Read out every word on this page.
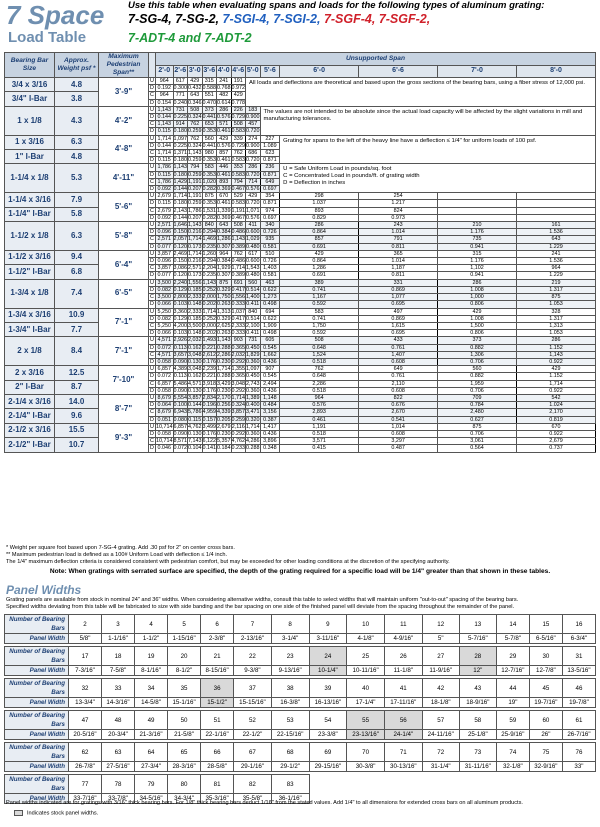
7 Space
Load Table
Use this table when evaluating spans and loads for the following types of aluminum grating:
7-SG-4, 7-SG-2, 7-SGI-4, 7-SGI-2, 7-SGF-4, 7-SGF-2,
7-ADT-4 and 7-ADT-2
Bearing Bar Size	Approx. Weight psf *	Maximum Pedestrian Span**		Unsupported Span											
				2'-0	2'-6	3'-0	3'-6	4'-0	4'-6	5'-0	5'-6	6'-0	6'-6	7'-0	8'-0
3/4 x 3/16	4.8	3'-9"	U	964	617	429	315	241	191	All loads and deflections are theoretical and based upon the gross sections of the bearing bars, using a fiber stress of 12,000 psi.					
			D	0.192	0.300	0.432	0.588	0.768	0.972						
3/4" I-Bar	3.8		C	964	771	643	551	482	429						
			D	0.154	0.240	0.346	0.470	0.614	0.778						
1 x 1/8	4.3	4'-2"	U	1,143	731	508	373	286	226	183	The values are not intended to be absolute since the actual load capacity will be affected by the slight variations in mill and manufacturing tolerances.				
			D	0.144	0.225	0.324	0.441	0.576	0.729	0.900					
			C	1,143	914	762	653	571	508	457					
			D	0.115	0.180	0.259	0.353	0.461	0.583	0.720					
1 x 3/16	6.3	4'-8"	U	1,714	1,097	762	560	429	339	274	227	Grating for spans to the left of the heavy line have a deflection ≤ 1/4" for uniform loads of 100 psf.			
			D	0.144	0.225	0.324	0.441	0.576	0.729	0.900	1.089				
1" I-Bar	4.8		C	1,714	1,371	1,143	980	857	762	686	623				
			D	0.115	0.180	0.259	0.353	0.461	0.583	0.720	0.871				
1-1/4 x 1/8	5.3	4'-11"	U	1,786	1,143	794	583	446	353	286	236	U = Safe Uniform Load in pounds/sq. foot
C = Concentrated Load in pounds/ft. of grating width
D = Deflection in inches			

			D	0.115	0.180	0.259	0.353	0.461	0.583	0.720	0.871				
			C	1,786	1,429	1,191	1,020	893	794	714	649				
			D	0.092	0.144	0.207	0.282	0.369	0.467	0.576	0.697				
1-1/4 x 3/16	7.9	5'-6"	U	2,679	1,714	1,191	875	670	529	429	354	298	254		
			D	0.115	0.180	0.259	0.353	0.461	0.583	0.720	0.871	1.037	1.217		
1-1/4" I-Bar	5.8		C	2,679	2,143	1,786	1,531	1,339	1,191	1,071	974	893	824		
			D	0.092	0.144	0.207	0.282	0.369	0.467	0.576	0.697	0.829	0.973		
1-1/2 x 1/8	6.3	5'-8"	U	2,571	1,646	1,143	840	643	508	411	340	286	243	210	161
			D	0.096	0.150	0.216	0.294	0.384	0.486	0.600	0.726	0.864	1.014	1.176	1.536
			C	2,571	2,057	1,714	1,469	1,286	1,143	1,029	935	857	791	735	643
			D	0.077	0.120	0.173	0.235	0.307	0.389	0.480	0.581	0.691	0.811	0.941	1.229
1-1/2 x 3/16	9.4	6'-4"	U	3,857	2,469	1,714	1,260	964	762	617	510	429	365	315	241
			D	0.096	0.150	0.216	0.294	0.384	0.486	0.600	0.726	0.864	1.014	1.176	1.536
1-1/2" I-Bar	6.8		C	3,857	3,086	2,571	2,204	1,929	1,714	1,543	1,403	1,286	1,187	1,102	964
			D	0.077	0.120	0.173	0.235	0.307	0.389	0.480	0.581	0.691	0.811	0.941	1.229
1-3/4 x 1/8	7.4	6'-5"	U	3,500	2,240	1,556	1,143	875	691	560	463	389	331	286	219
			D	0.082	0.129	0.185	0.252	0.329	0.417	0.514	0.622	0.741	0.869	1.008	1.317
			C	3,500	2,800	2,333	2,000	1,750	1,556	1,400	1,273	1,167	1,077	1,000	875
			D	0.066	0.103	0.148	0.202	0.263	0.333	0.411	0.498	0.592	0.695	0.806	1.053
1-3/4 x 3/16	10.9	7'-1"	U	5,250	3,360	2,333	1,714	1,313	1,037	840	694	583	497	429	328
			D	0.082	0.129	0.185	0.252	0.329	0.417	0.514	0.622	0.741	0.869	1.008	1.317
1-3/4" I-Bar	7.7		C	5,250	4,200	3,500	3,000	2,625	2,333	2,100	1,909	1,750	1,615	1,500	1,313
			D	0.066	0.103	0.148	0.202	0.263	0.333	0.411	0.498	0.592	0.695	0.806	1.053
2 x 1/8	8.4	7'-1"	U	4,571	2,926	2,032	1,493	1,143	903	731	605	508	433	373	286
			D	0.072	0.113	0.162	0.221	0.288	0.365	0.450	0.545	0.648	0.761	0.882	1.152
			C	4,571	3,657	3,048	2,612	2,286	2,032	1,829	1,662	1,524	1,407	1,306	1,143
			D	0.058	0.090	0.130	0.176	0.230	0.292	0.360	0.436	0.518	0.608	0.706	0.922
2 x 3/16	12.5	7'-10"	U	6,857	4,389	3,048	2,239	1,714	1,355	1,097	907	762	649	560	429
			D	0.072	0.113	0.162	0.221	0.288	0.365	0.450	0.545	0.648	0.761	0.882	1.152
2" I-Bar	8.7		C	6,857	5,486	4,571	3,918	3,429	3,048	2,743	2,494	2,286	2,110	1,959	1,714
			D	0.058	0.090	0.130	0.176	0.230	0.292	0.360	0.436	0.518	0.608	0.706	0.922
2-1/4 x 3/16	14.0	8'-7"	U	8,679	5,554	3,857	2,834	2,170	1,714	1,389	1,148	964	822	709	542
			D	0.064	0.100	0.144	0.196	0.256	0.324	0.400	0.484	0.576	0.676	0.784	1.024
2-1/4" I-Bar	9.6		C	8,679	6,943	5,786	4,959	4,339	3,857	3,471	3,156	2,893	2,670	2,480	2,170
			D	0.051	0.080	0.115	0.157	0.205	0.259	0.320	0.387	0.461	0.541	0.627	0.819
2-1/2 x 3/16	15.5	9'-3"	U	10,714	6,857	4,762	3,499	2,679	2,116	1,714	1,417	1,191	1,014	875	670
			D	0.058	0.090	0.130	0.176	0.230	0.292	0.360	0.436	0.518	0.608	0.706	0.922
2-1/2" I-Bar	10.7		C	10,714	8,571	7,143	6,122	5,357	4,762	4,286	3,896	3,571	3,297	3,061	2,679
			D	0.046	0.072	0.104	0.141	0.184	0.233	0.288	0.348	0.415	0.487	0.564	0.737
* Weight per square foot based upon 7-SG-4 grating. Add .30 psf for 2" on center cross bars.
** Maximum pedestrian load is defined as a 100# Uniform Load with deflection ≤ 1/4 inch.
The 1/4" maximum deflection criteria is considered consistent with pedestrian comfort, but may be exceeded for other loading conditions at the discretion of the specifying authority.
Note: When gratings with serrated surface are specified, the depth of the grating required for a specific load will be 1/4" greater than that shown in these tables.
Panel Widths
Grating panels are available from stock in nominal 24" and 36" widths. When considering alternative widths, consult this table to select widths that will maintain uniform "out-to-out" spacing of the bearing bars.
Specified widths deviating from this table will be fabricated to size with side banding and the bar spacing on one side of the finished panel will deviate from the spacing throughout the remainder of the panel.
Number of Bearing Bars	2	3	4	5	6	7	8	9	10	11	12	13	14	15	16
Panel Width	5/8"	1-1/16"	1-1/2"	1-15/16"	2-3/8"	2-13/16"	3-1/4"	3-11/16"	4-1/8"	4-9/16"	5"	5-7/16"	5-7/8"	6-5/16"	6-3/4"

Number of Bearing Bars	17	18	19	20	21	22	23	24	25	26	27	28	29	30	31
Panel Width	7-3/16"	7-5/8"	8-1/16"	8-1/2"	8-15/16"	9-3/8"	9-13/16"	10-1/4"	10-11/16"	11-1/8"	11-9/16"	12"	12-7/16"	12-7/8"	13-5/16"

Number of Bearing Bars	32	33	34	35	36	37	38	39	40	41	42	43	44	45	46
Panel Width	13-3/4"	14-3/16"	14-5/8"	15-1/16"	15-1/2"	15-15/16"	16-3/8"	16-13/16"	17-1/4"	17-11/16"	18-1/8"	18-9/16"	19"	19-7/16"	19-7/8"

Number of Bearing Bars	47	48	49	50	51	52	53	54	55	56	57	58	59	60	61
Panel Width	20-5/16"	20-3/4"	21-3/16"	21-5/8"	22-1/16"	22-1/2"	22-15/16"	23-3/8"	23-13/16"	24-1/4"	24-11/16"	25-1/8"	25-9/16"	26"	26-7/16"

Number of Bearing Bars	62	63	64	65	66	67	68	69	70	71	72	73	74	75	76
Panel Width	26-7/8"	27-5/16"	27-3/4"	28-3/16"	28-5/8"	29-1/16"	29-1/2"	29-15/16"	30-3/8"	30-13/16"	31-1/4"	31-11/16"	32-1/8"	32-9/16"	33"

Number of Bearing Bars	77	78	79	80	81	82	83								
Panel Width	33-7/16"	33-7/8"	34-5/16"	34-3/4"	35-3/16"	35-5/8"	36-1/16"								
Panel widths indicated are for gratings with 3/16" thick bearing bars. For 1/8" thick bearing bars deduct 1/16" from the stated values. Add 1/4" to all dimensions for extended cross bars on all aluminum products.
Indicates stock panel widths.
